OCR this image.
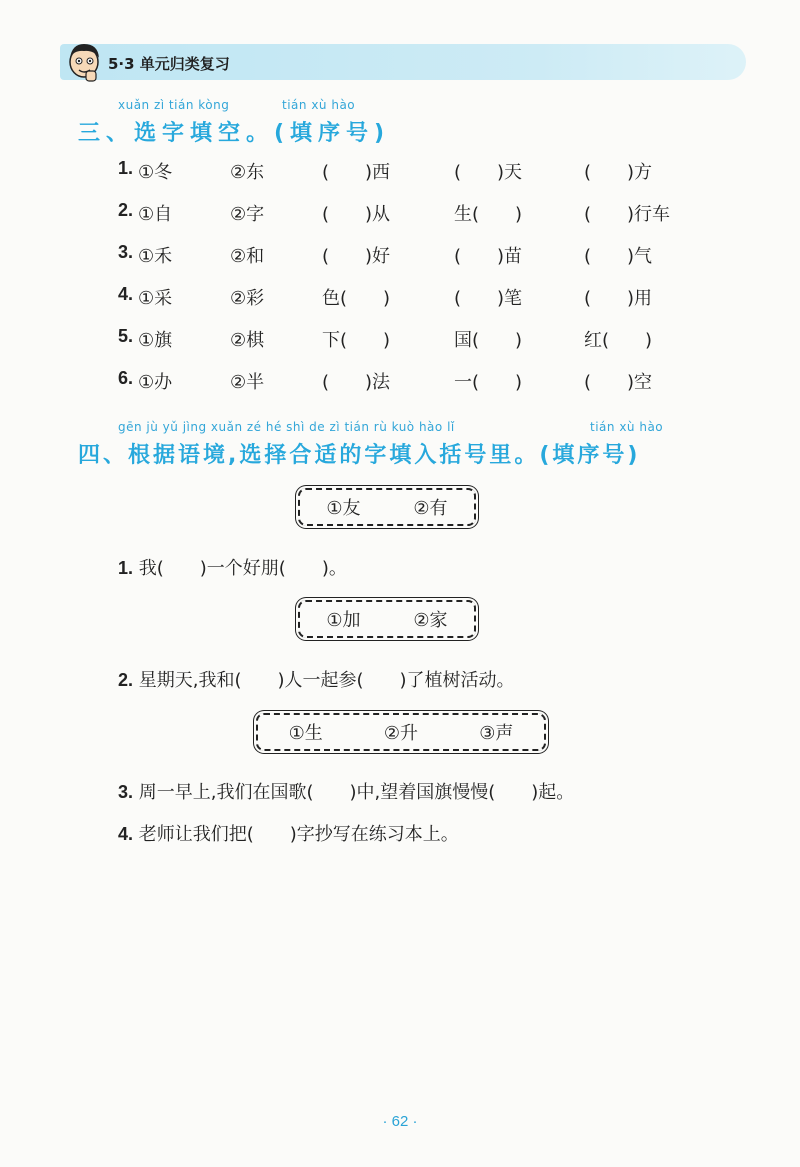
5·3 单元归类复习
xuǎn zì tián kòng	tián xù hào
三、选字填空。(填序号)
1. ①冬	②东	(　　)西	(　　)天	(　　)方
2. ①自	②字	(　　)从	生(　　)	(　　)行车
3. ①禾	②和	(　　)好	(　　)苗	(　　)气
4. ①采	②彩	色(　　)	(　　)笔	(　　)用
5. ①旗	②棋	下(　　)	国(　　)	红(　　)
6. ①办	②半	(　　)法	一(　　)	(　　)空
gēn jù yǔ jìng xuǎn zé hé shì de zì tián rù kuò hào lǐ	tián xù hào
四、根据语境,选择合适的字填入括号里。(填序号)
①友	②有
1. 我(　　)一个好朋(　　)。
①加	②家
2. 星期天,我和(　　)人一起参(　　)了植树活动。
①生	②升	③声
3. 周一早上,我们在国歌(　　)中,望着国旗慢慢(　　)起。
4. 老师让我们把(　　)字抄写在练习本上。
· 62 ·
